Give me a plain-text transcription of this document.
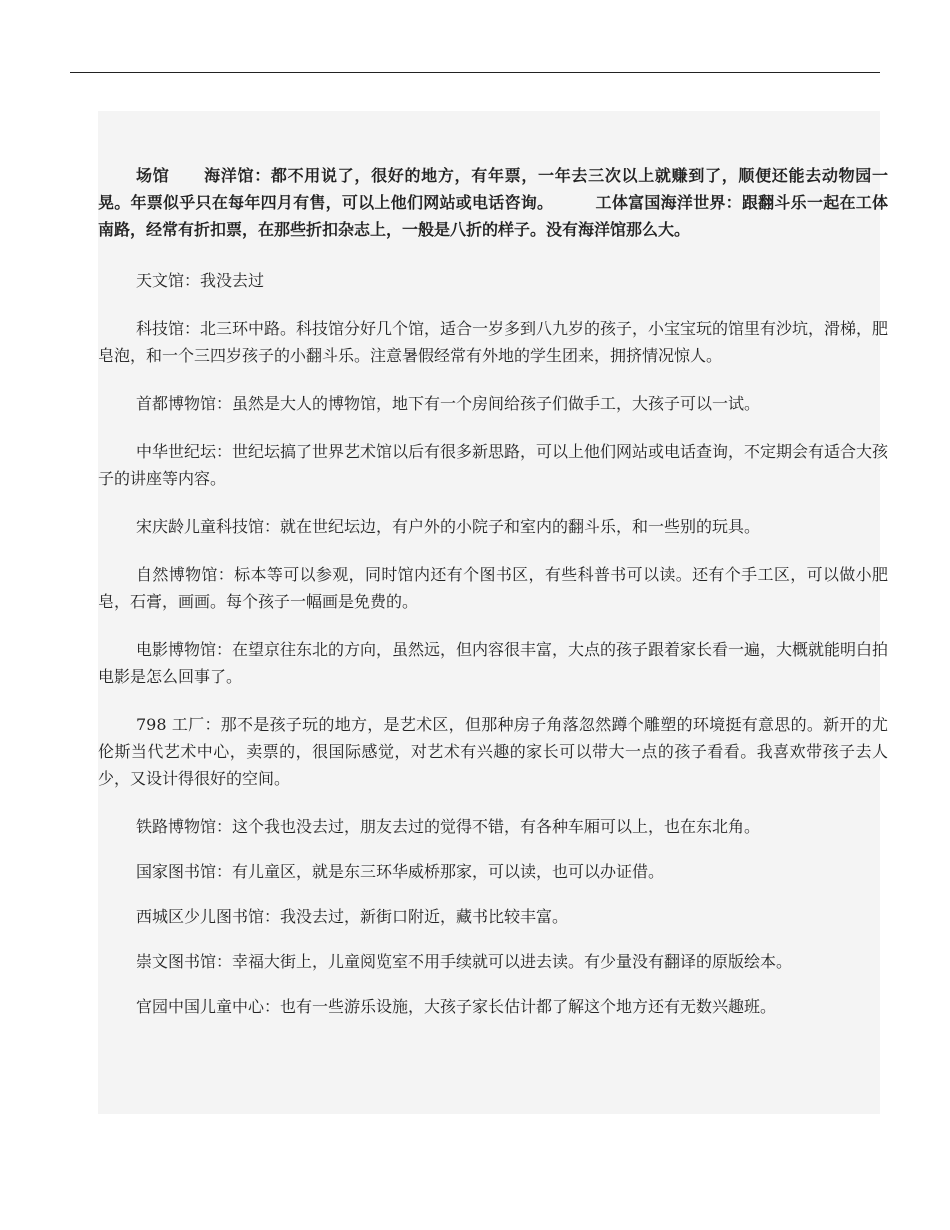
场馆 海洋馆：都不用说了，很好的地方，有年票，一年去三次以上就赚到了，顺便还能去动物园一晃。年票似乎只在每年四月有售，可以上他们网站或电话咨询。	工体富国海洋世界：跟翻斗乐一起在工体南路，经常有折扣票，在那些折扣杂志上，一般是八折的样子。没有海洋馆那么大。

天文馆：我没去过

科技馆：北三环中路。科技馆分好几个馆，适合一岁多到八九岁的孩子，小宝宝玩的馆里有沙坑，滑梯，肥皂泡，和一个三四岁孩子的小翻斗乐。注意暑假经常有外地的学生团来，拥挤情况惊人。

首都博物馆：虽然是大人的博物馆，地下有一个房间给孩子们做手工，大孩子可以一试。

中华世纪坛：世纪坛搞了世界艺术馆以后有很多新思路，可以上他们网站或电话查询，不定期会有适合大孩子的讲座等内容。

宋庆龄儿童科技馆：就在世纪坛边，有户外的小院子和室内的翻斗乐，和一些别的玩具。

自然博物馆：标本等可以参观，同时馆内还有个图书区，有些科普书可以读。还有个手工区，可以做小肥皂，石膏，画画。每个孩子一幅画是免费的。

电影博物馆：在望京往东北的方向，虽然远，但内容很丰富，大点的孩子跟着家长看一遍，大概就能明白拍电影是怎么回事了。

798 工厂：那不是孩子玩的地方，是艺术区，但那种房子角落忽然蹲个雕塑的环境挺有意思的。新开的尤伦斯当代艺术中心，卖票的，很国际感觉，对艺术有兴趣的家长可以带大一点的孩子看看。我喜欢带孩子去人少，又设计得很好的空间。

铁路博物馆：这个我也没去过，朋友去过的觉得不错，有各种车厢可以上，也在东北角。

国家图书馆：有儿童区，就是东三环华威桥那家，可以读，也可以办证借。

西城区少儿图书馆：我没去过，新街口附近，藏书比较丰富。

崇文图书馆：幸福大街上，儿童阅览室不用手续就可以进去读。有少量没有翻译的原版绘本。

官园中国儿童中心：也有一些游乐设施，大孩子家长估计都了解这个地方还有无数兴趣班。
